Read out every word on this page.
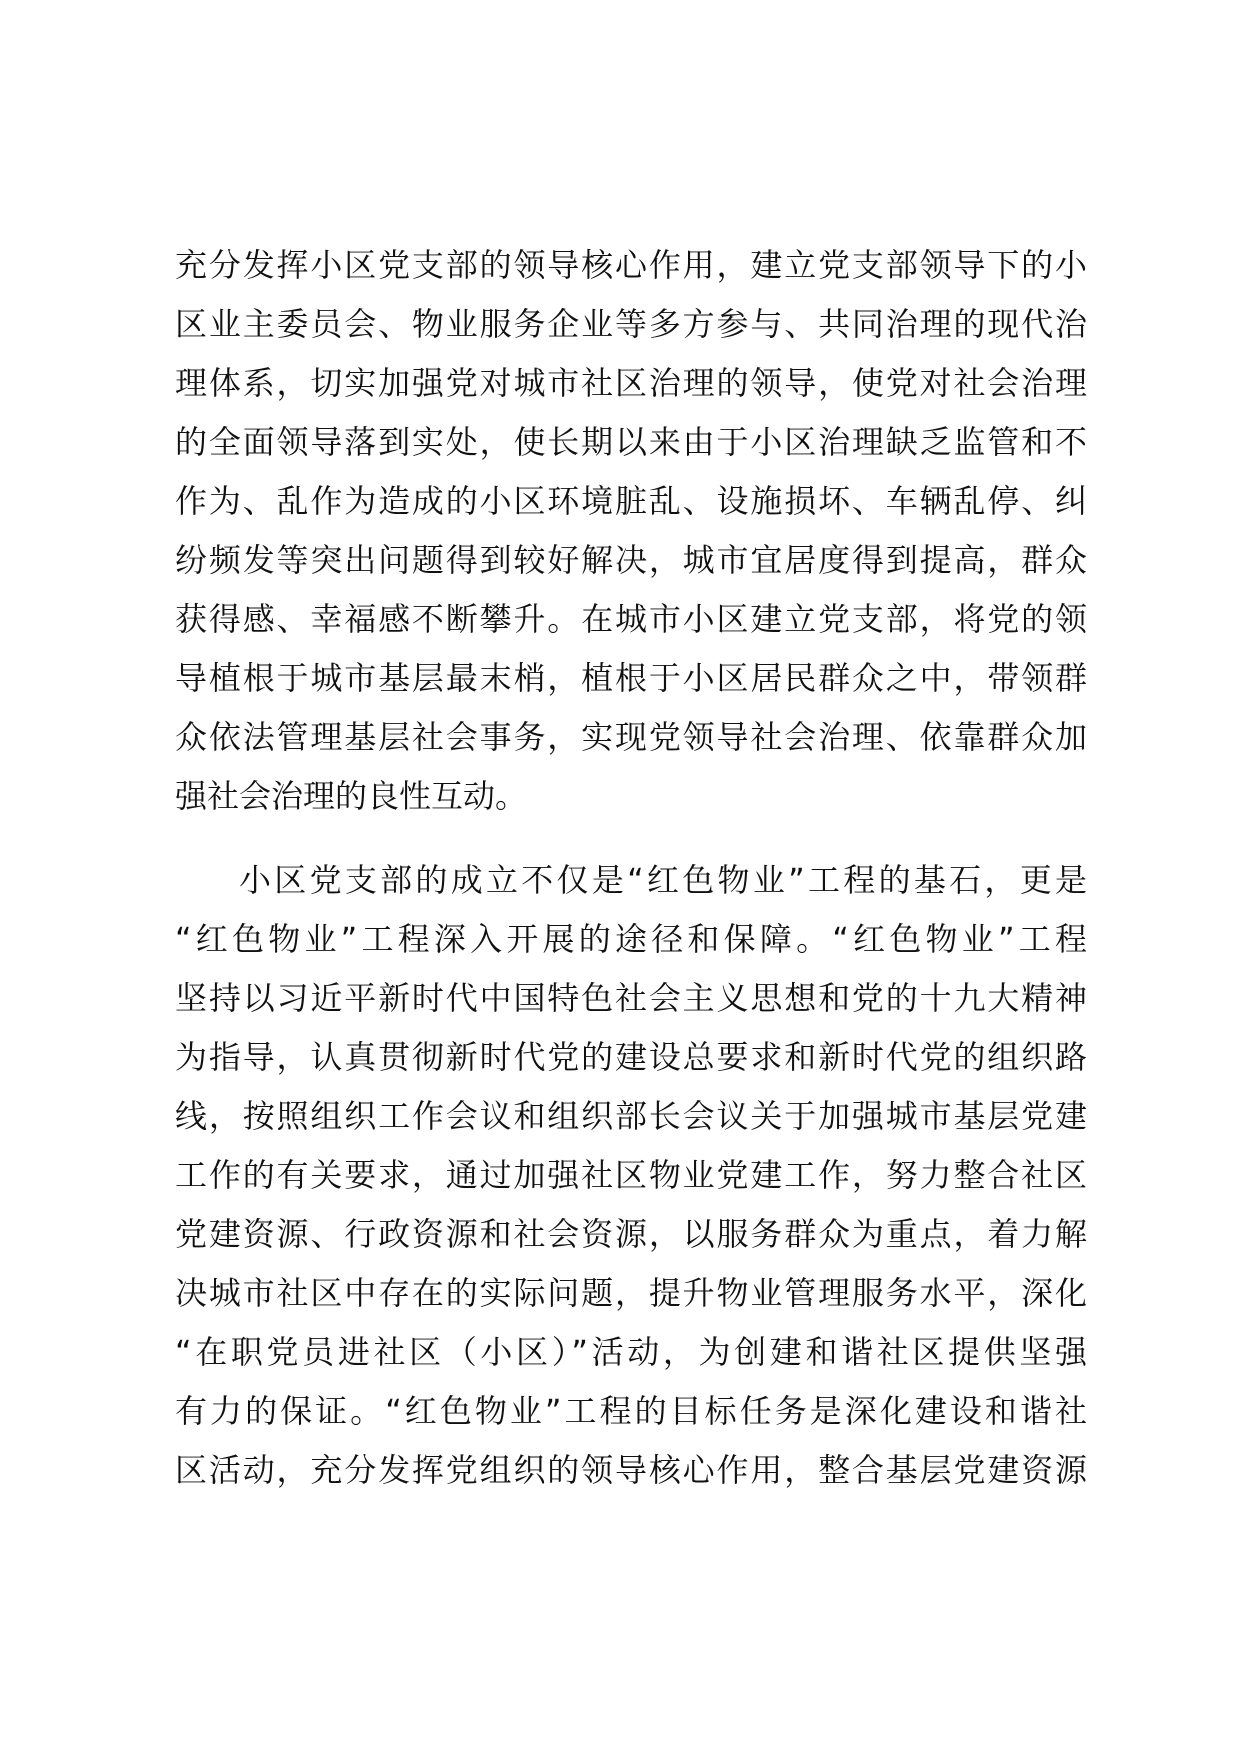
充分发挥小区党支部的领导核心作用，建立党支部领导下的小
区业主委员会、物业服务企业等多方参与、共同治理的现代治
理体系，切实加强党对城市社区治理的领导，使党对社会治理
的全面领导落到实处，使长期以来由于小区治理缺乏监管和不
作为、乱作为造成的小区环境脏乱、设施损坏、车辆乱停、纠
纷频发等突出问题得到较好解决，城市宜居度得到提高，群众
获得感、幸福感不断攀升。在城市小区建立党支部，将党的领
导植根于城市基层最末梢，植根于小区居民群众之中，带领群
众依法管理基层社会事务，实现党领导社会治理、依靠群众加
强社会治理的良性互动。
小区党支部的成立不仅是“红色物业”工程的基石，更是
“红色物业”工程深入开展的途径和保障。“红色物业”工程
坚持以习近平新时代中国特色社会主义思想和党的十九大精神
为指导，认真贯彻新时代党的建设总要求和新时代党的组织路
线，按照组织工作会议和组织部长会议关于加强城市基层党建
工作的有关要求，通过加强社区物业党建工作，努力整合社区
党建资源、行政资源和社会资源，以服务群众为重点，着力解
决城市社区中存在的实际问题，提升物业管理服务水平，深化
“在职党员进社区（小区）”活动，为创建和谐社区提供坚强
有力的保证。“红色物业”工程的目标任务是深化建设和谐社
区活动，充分发挥党组织的领导核心作用，整合基层党建资源
